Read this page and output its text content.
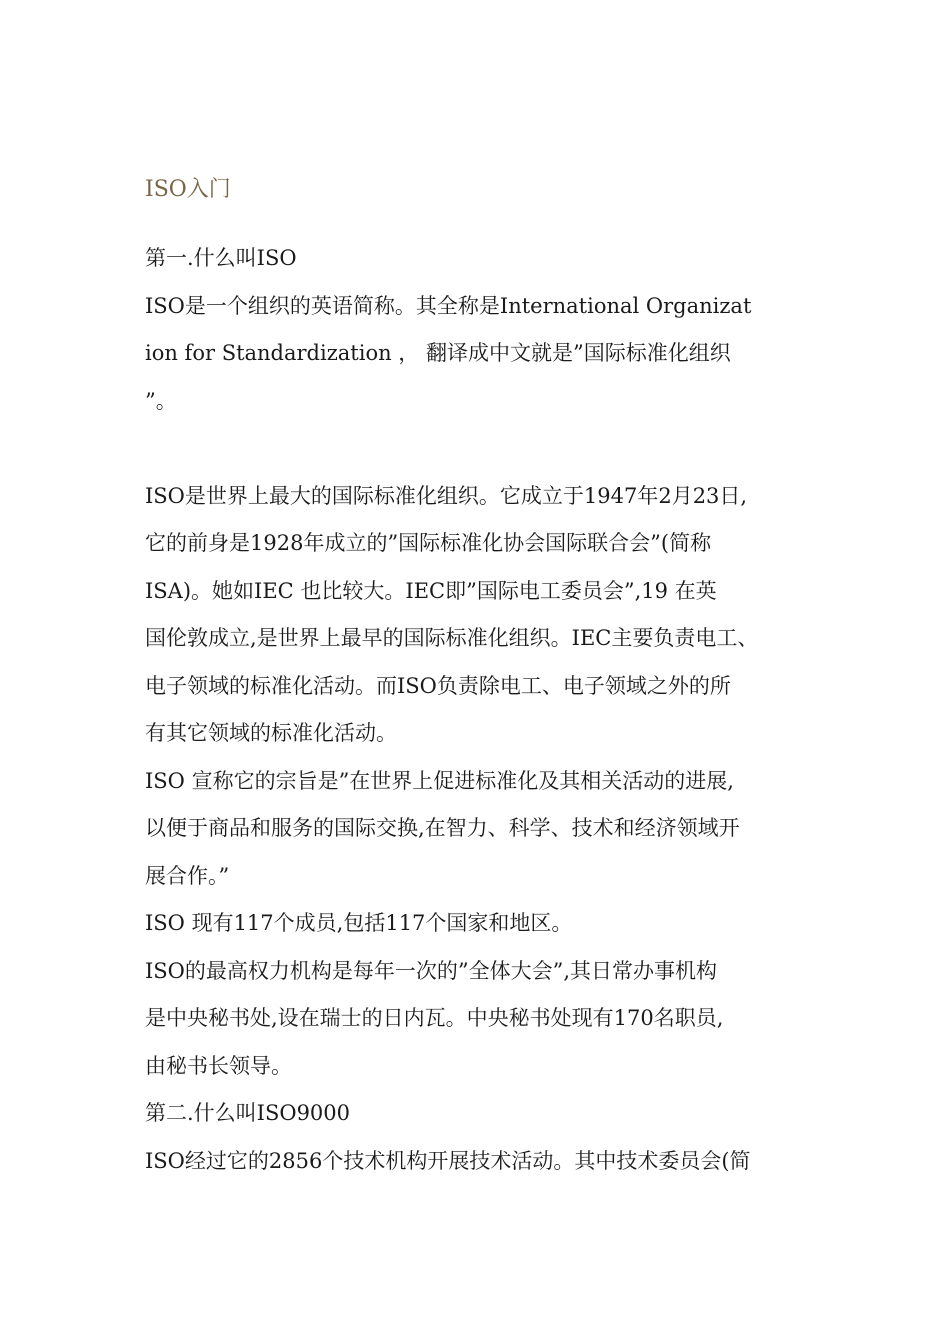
ISO入门
第一.什么叫ISO
ISO是一个组织的英语简称。其全称是International Organizat
ion for Standardization ， 翻译成中文就是”国际标准化组织
”。
ISO是世界上最大的国际标准化组织。它成立于1947年2月23日,
它的前身是1928年成立的”国际标准化协会国际联合会”(简称
ISA)。她如IEC 也比较大。IEC即”国际电工委员会”,19 在英
国伦敦成立,是世界上最早的国际标准化组织。IEC主要负责电工、
电子领域的标准化活动。而ISO负责除电工、电子领域之外的所
有其它领域的标准化活动。
ISO 宣称它的宗旨是”在世界上促进标准化及其相关活动的进展,
以便于商品和服务的国际交换,在智力、科学、技术和经济领域开
展合作。”
ISO 现有117个成员,包括117个国家和地区。
ISO的最高权力机构是每年一次的”全体大会”,其日常办事机构
是中央秘书处,设在瑞士的日内瓦。中央秘书处现有170名职员,
由秘书长领导。
第二.什么叫ISO9000
ISO经过它的2856个技术机构开展技术活动。其中技术委员会(简
